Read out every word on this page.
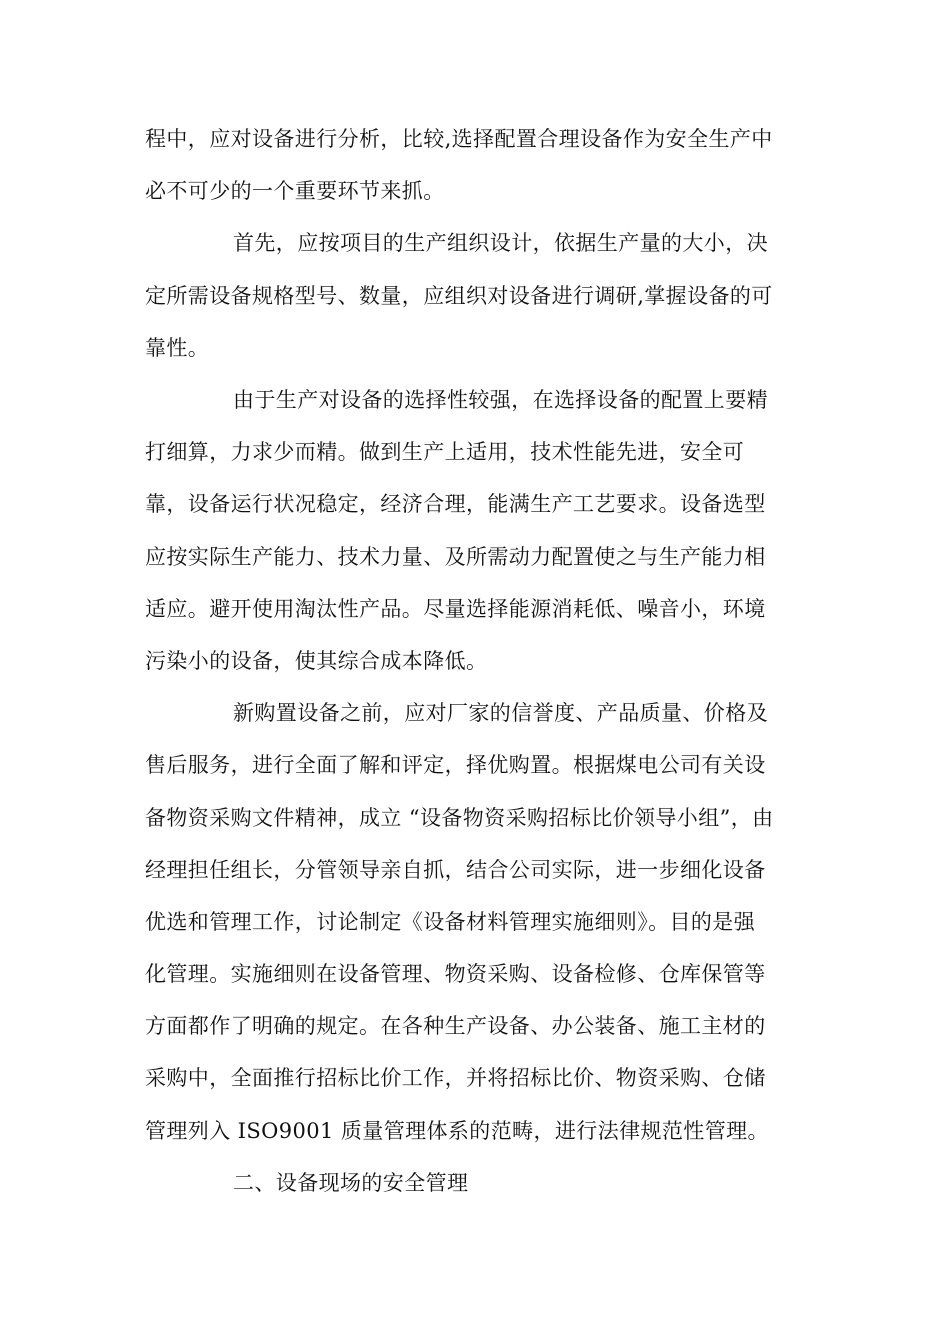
程中，应对设备进行分析，比较,选择配置合理设备作为安全生产中
必不可少的一个重要环节来抓。
首先，应按项目的生产组织设计，依据生产量的大小，决
定所需设备规格型号、数量，应组织对设备进行调研,掌握设备的可
靠性。
由于生产对设备的选择性较强，在选择设备的配置上要精
打细算，力求少而精。做到生产上适用，技术性能先进，安全可
靠，设备运行状况稳定，经济合理，能满生产工艺要求。设备选型
应按实际生产能力、技术力量、及所需动力配置使之与生产能力相
适应。避开使用淘汰性产品。尽量选择能源消耗低、噪音小，环境
污染小的设备，使其综合成本降低。
新购置设备之前，应对厂家的信誉度、产品质量、价格及
售后服务，进行全面了解和评定，择优购置。根据煤电公司有关设
备物资采购文件精神，成立 “设备物资采购招标比价领导小组”，由
经理担任组长，分管领导亲自抓，结合公司实际，进一步细化设备
优选和管理工作，讨论制定《设备材料管理实施细则》。目的是强
化管理。实施细则在设备管理、物资采购、设备检修、仓库保管等
方面都作了明确的规定。在各种生产设备、办公装备、施工主材的
采购中，全面推行招标比价工作，并将招标比价、物资采购、仓储
管理列入 ISO9001 质量管理体系的范畴，进行法律规范性管理。
二、设备现场的安全管理
